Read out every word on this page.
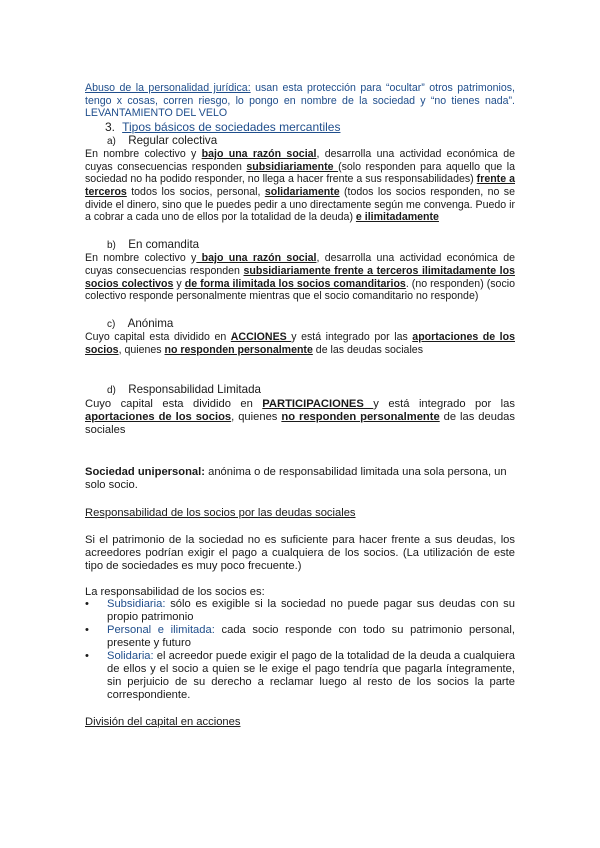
Abuso de la personalidad jurídica: usan esta protección para “ocultar” otros patrimonios, tengo x cosas, corren riesgo, lo pongo en nombre de la sociedad y “no tienes nada”. LEVANTAMIENTO DEL VELO

3. Tipos básicos de sociedades mercantiles

a) Regular colectiva

En nombre colectivo y bajo una razón social, desarrolla una actividad económica de cuyas consecuencias responden subsidiariamente (solo responden para aquello que la sociedad no ha podido responder, no llega a hacer frente a sus responsabilidades) frente a terceros todos los socios, personal, solidariamente (todos los socios responden, no se divide el dinero, sino que le puedes pedir a uno directamente según me convenga. Puedo ir a cobrar a cada uno de ellos por la totalidad de la deuda) e ilimitadamente

b) En comandita

En nombre colectivo y bajo una razón social, desarrolla una actividad económica de cuyas consecuencias responden subsidiariamente frente a terceros ilimitadamente los socios colectivos y de forma ilimitada los socios comanditarios. (no responden) (socio colectivo responde personalmente mientras que el socio comanditario no responde)

c) Anónima

Cuyo capital esta dividido en ACCIONES y está integrado por las aportaciones de los socios, quienes no responden personalmente de las deudas sociales

d) Responsabilidad Limitada

Cuyo capital esta dividido en PARTICIPACIONES y está integrado por las aportaciones de los socios, quienes no responden personalmente de las deudas sociales

Sociedad unipersonal: anónima o de responsabilidad limitada una sola persona, un solo socio.

Responsabilidad de los socios por las deudas sociales

Si el patrimonio de la sociedad no es suficiente para hacer frente a sus deudas, los acreedores podrían exigir el pago a cualquiera de los socios. (La utilización de este tipo de sociedades es muy poco frecuente.)

La responsabilidad de los socios es:

•	Subsidiaria: sólo es exigible si la sociedad no puede pagar sus deudas con su propio patrimonio
•	Personal e ilimitada: cada socio responde con todo su patrimonio personal, presente y futuro
•	Solidaria: el acreedor puede exigir el pago de la totalidad de la deuda a cualquiera de ellos y el socio a quien se le exige el pago tendría que pagarla íntegramente, sin perjuicio de su derecho a reclamar luego al resto de los socios la parte correspondiente.

División del capital en acciones
